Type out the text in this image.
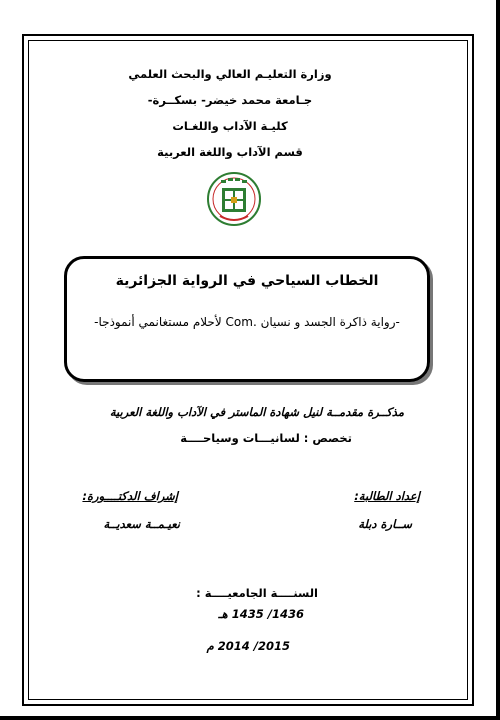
وزارة التعليـم العالي والبحث العلمي
جـامعة محمد خيضر- بسكــرة-
كليـة الآداب واللغـات
قسم الآداب واللغة العربية
الخطاب السياحي في الرواية الجزائرية
-رواية ذاكرة الجسد و نسيان .Com لأحلام مستغانمي أنموذجا-
مذكــرة مقدمــة لنيل شهادة الماستر في الآداب واللغة العربية
تخصص : لسانيـــات وسياحــــة
إشراف الدكتــــورة:	إعداد الطالبة:
نعيـمــة سعديــة	ســارة دبلة
السنــــة الجامعيــــة :
1436/ 1435 هـ
2015/ 2014 م
